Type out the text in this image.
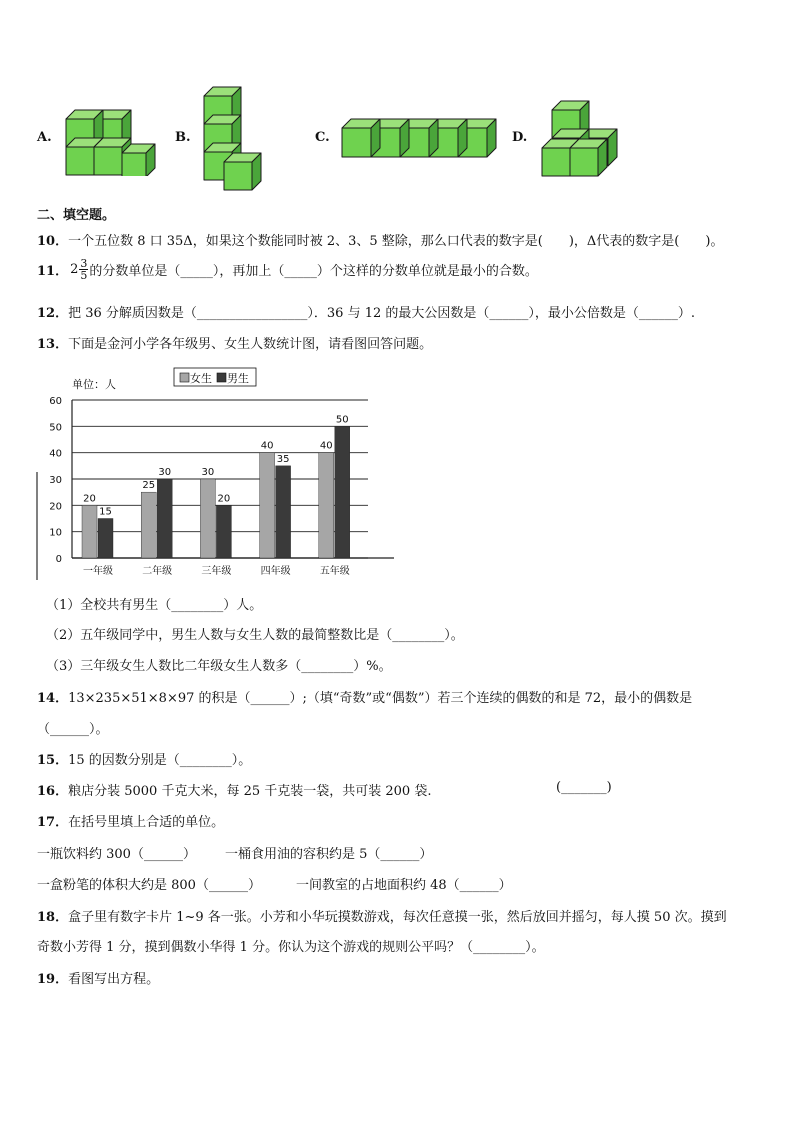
A.	B.	C.	D.
二、填空题。
10．一个五位数 8 口 35Δ，如果这个数能同时被 2、3、5 整除，那么口代表的数字是(　　)，Δ代表的数字是(　　)。
11． $2 \frac{3}{5}$ 的分数单位是（_____），再加上（_____）个这样的分数单位就是最小的合数。
12．把 36 分解质因数是（_________________）．36 与 12 的最大公因数是（______），最小公倍数是（______）.
13．下面是金河小学各年级男、女生人数统计图，请看图回答问题。
单位：人	女生 男生
0
10
20
30
40
50
60
20
15
一年级
25
30
二年级
30
20
三年级
40
35
四年级
40
50
五年级
（1）全校共有男生（________）人。
（2）五年级同学中，男生人数与女生人数的最简整数比是（________）。
（3）三年级女生人数比二年级女生人数多（________）%。
14．13×235×51×8×97 的积是（______）;（填“奇数”或“偶数”）若三个连续的偶数的和是 72，最小的偶数是
（______）。
15．15 的因数分别是（________）。
16．粮店分装 5000 千克大米，每 25 千克装一袋，共可装 200 袋.	(_______)
17．在括号里填上合适的单位。
一瓶饮料约 300（______） 一桶食用油的容积约是 5（______）
一盒粉笔的体积大约是 800（______）	一间教室的占地面积约 48（______）
18．盒子里有数字卡片 1~9 各一张。小芳和小华玩摸数游戏，每次任意摸一张，然后放回并摇匀，每人摸 50 次。摸到
奇数小芳得 1 分，摸到偶数小华得 1 分。你认为这个游戏的规则公平吗？（________）。
19．看图写出方程。
